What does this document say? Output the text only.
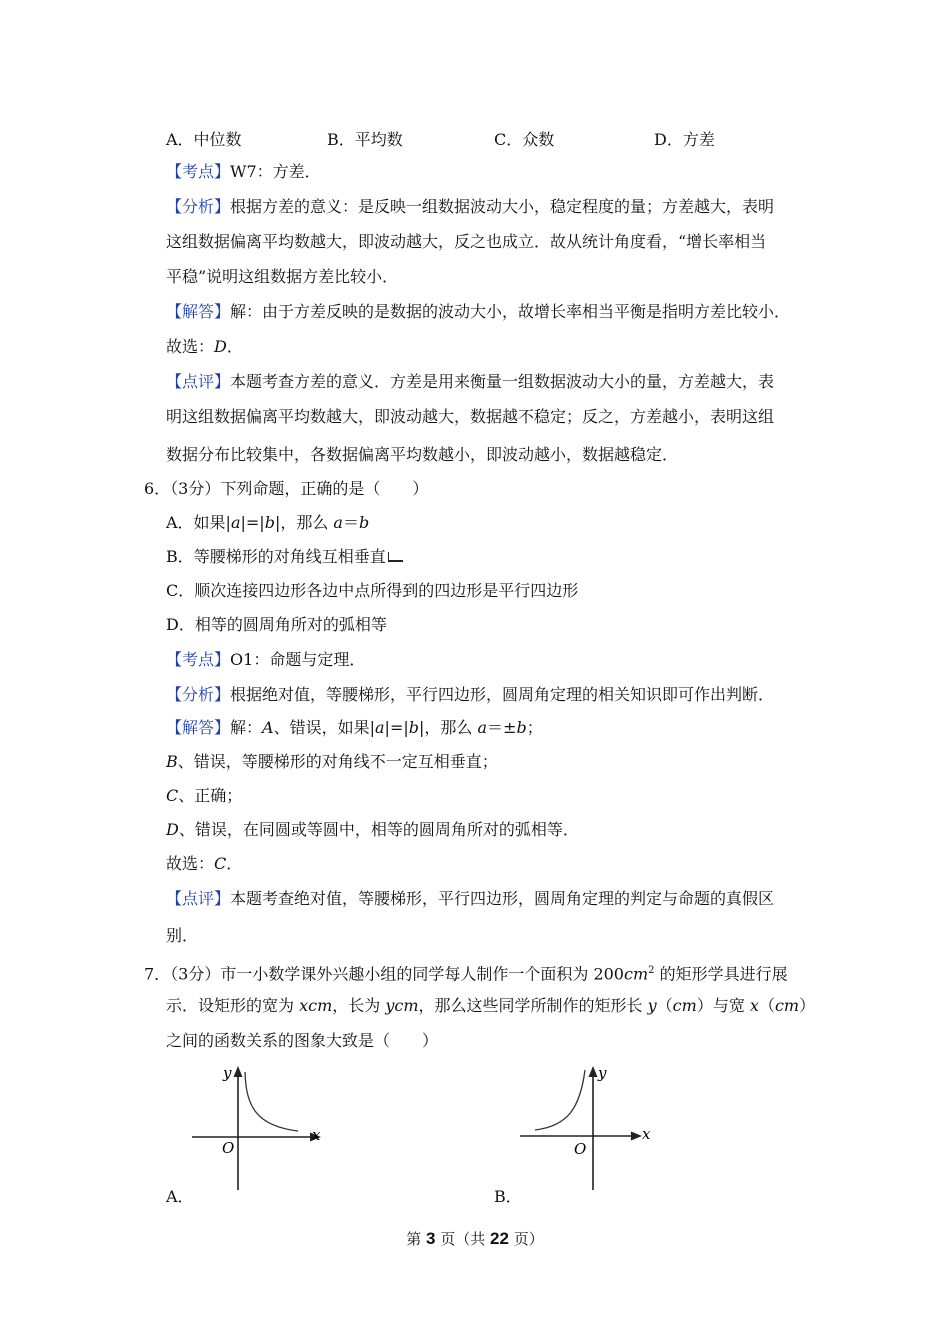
A．中位数	B．平均数	C．众数	D．方差
【考点】W7：方差．
【分析】根据方差的意义：是反映一组数据波动大小，稳定程度的量；方差越大，表明
这组数据偏离平均数越大，即波动越大，反之也成立．故从统计角度看，“增长率相当
平稳”说明这组数据方差比较小．
【解答】解：由于方差反映的是数据的波动大小，故增长率相当平衡是指明方差比较小．
故选：D．
【点评】本题考查方差的意义．方差是用来衡量一组数据波动大小的量，方差越大，表
明这组数据偏离平均数越大，即波动越大，数据越不稳定；反之，方差越小，表明这组
数据分布比较集中，各数据偏离平均数越小，即波动越小，数据越稳定．
6．（3分）下列命题，正确的是（　　）
A．如果|a|=|b|，那么 a＝b
B．等腰梯形的对角线互相垂直
C．顺次连接四边形各边中点所得到的四边形是平行四边形
D．相等的圆周角所对的弧相等
【考点】O1：命题与定理．
【分析】根据绝对值，等腰梯形，平行四边形，圆周角定理的相关知识即可作出判断．
【解答】解：A、错误，如果|a|=|b|，那么 a＝±b；
B、错误，等腰梯形的对角线不一定互相垂直；
C、正确；
D、错误，在同圆或等圆中，相等的圆周角所对的弧相等．
故选：C．
【点评】本题考查绝对值，等腰梯形，平行四边形，圆周角定理的判定与命题的真假区
别．
7．（3分）市一小数学课外兴趣小组的同学每人制作一个面积为 $200cm^2$ 的矩形学具进行展
示．设矩形的宽为 xcm，长为 ycm，那么这些同学所制作的矩形长 y（cm）与宽 x（cm）
之间的函数关系的图象大致是（　　）
y
x
O
A．
y
x
O
B．
第 3 页（共 22 页）
